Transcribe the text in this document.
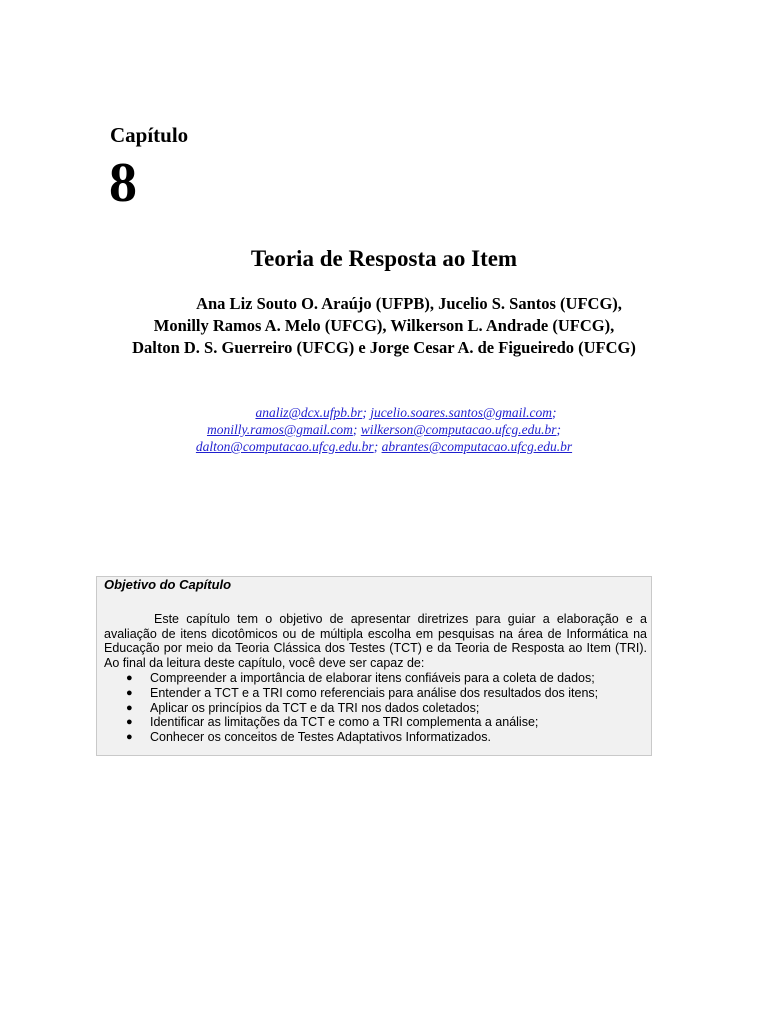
Capítulo
8
Teoria de Resposta ao Item
Ana Liz Souto O. Araújo (UFPB), Jucelio S. Santos (UFCG),
Monilly Ramos A. Melo (UFCG), Wilkerson L. Andrade (UFCG),
Dalton D. S. Guerreiro (UFCG) e Jorge Cesar A. de Figueiredo (UFCG)
analiz@dcx.ufpb.br; jucelio.soares.santos@gmail.com;
monilly.ramos@gmail.com; wilkerson@computacao.ufcg.edu.br;
dalton@computacao.ufcg.edu.br; abrantes@computacao.ufcg.edu.br
Objetivo do Capítulo

Este capítulo tem o objetivo de apresentar diretrizes para guiar a elaboração e a avaliação de itens dicotômicos ou de múltipla escolha em pesquisas na área de Informática na Educação por meio da Teoria Clássica dos Testes (TCT) e da Teoria de Resposta ao Item (TRI). Ao final da leitura deste capítulo, você deve ser capaz de:

● Compreender a importância de elaborar itens confiáveis para a coleta de dados;
● Entender a TCT e a TRI como referenciais para análise dos resultados dos itens;
● Aplicar os princípios da TCT e da TRI nos dados coletados;
● Identificar as limitações da TCT e como a TRI complementa a análise;
● Conhecer os conceitos de Testes Adaptativos Informatizados.
